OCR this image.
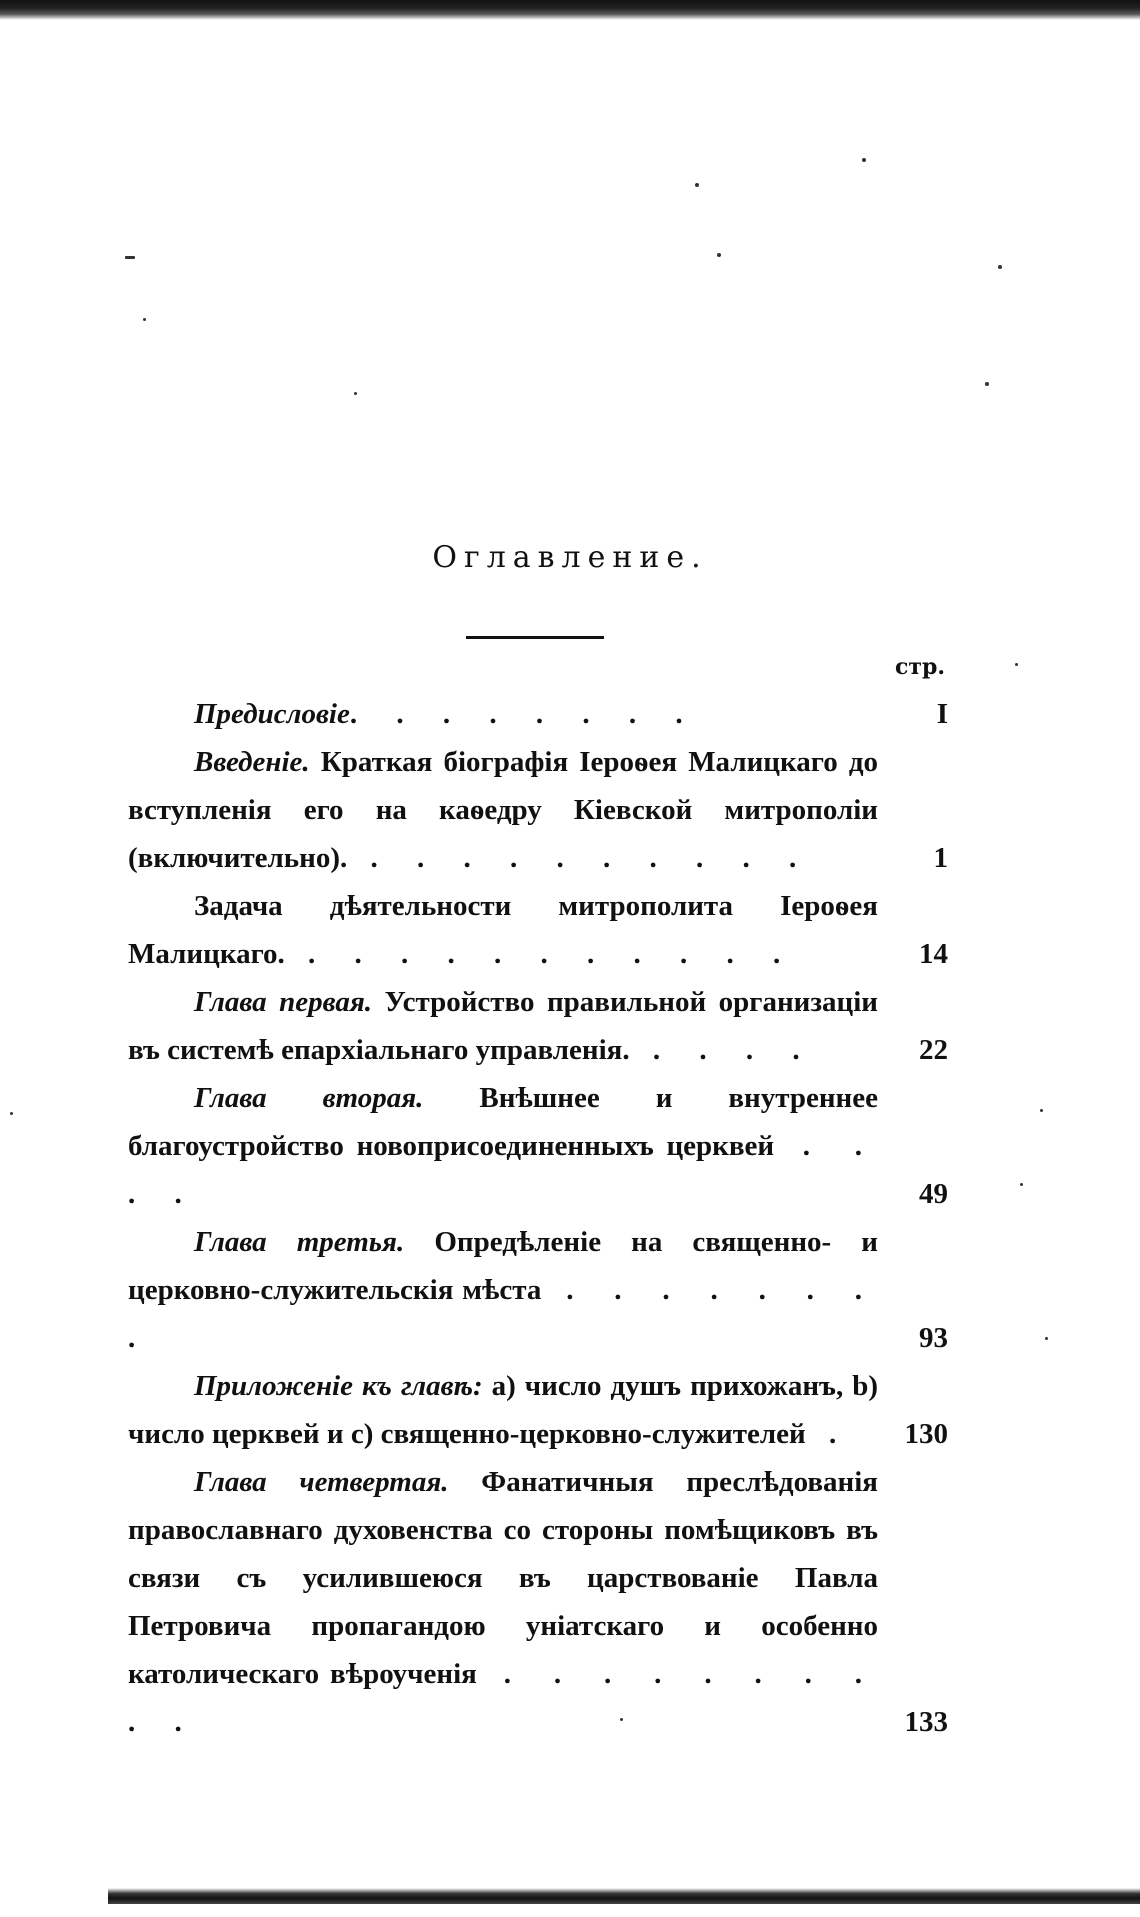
Оглавление.
стр.
Предисловіе. . . . . . . .	I
Введеніе. Краткая біографія Іероѳея Малицкаго до вступленія его на каѳедру Кіевской митрополіи (включительно). . . . . . . . . . .	1
Задача дѣятельности митрополита Іероѳея Малицкаго. . . . . . . . . . . .	14
Глава первая. Устройство правильной организаціи въ системѣ епархіальнаго управленія. . . . .	22
Глава вторая. Внѣшнее и внутреннее благоустройство новоприсоединенныхъ церквей . . . .	49
Глава третья. Опредѣленіе на священно- и церковно-служительскія мѣста . . . . . . . .	93
Приложеніе къ главѣ: a) число душъ прихожанъ, b) число церквей и c) священно-церковно-служителей .	130
Глава четвертая. Фанатичныя преслѣдованія православнаго духовенства со стороны помѣщиковъ въ связи съ усилившеюся въ царствованіе Павла Петровича пропагандою уніатскаго и особенно католическаго вѣроученія . . . . . . . . . .	133
